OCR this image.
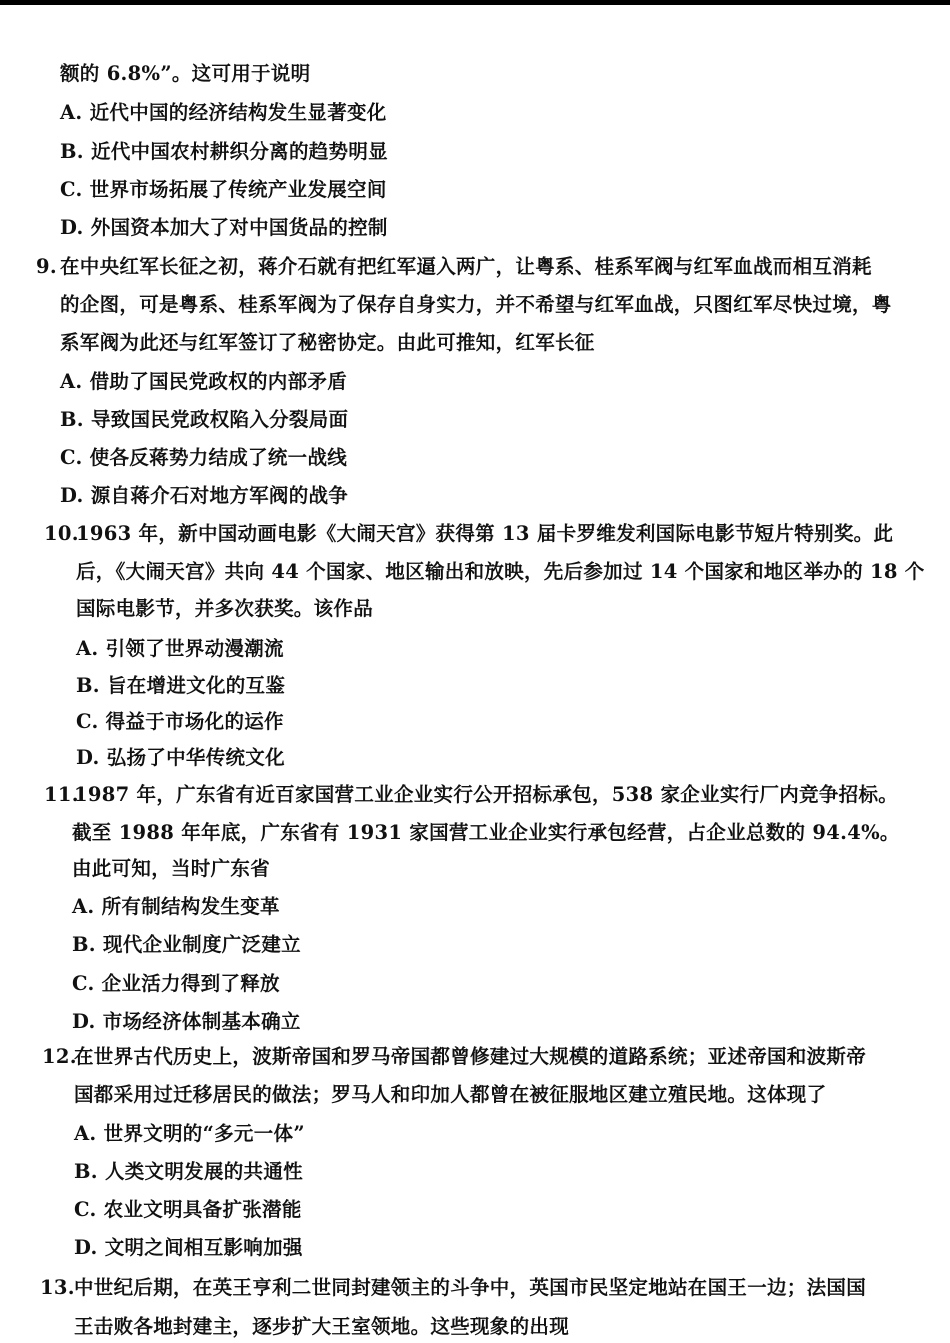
额的 6.8%”。这可用于说明
A. 近代中国的经济结构发生显著变化
B. 近代中国农村耕织分离的趋势明显
C. 世界市场拓展了传统产业发展空间
D. 外国资本加大了对中国货品的控制
9. 在中央红军长征之初，蒋介石就有把红军逼入两广，让粤系、桂系军阀与红军血战而相互消耗
的企图，可是粤系、桂系军阀为了保存自身实力，并不希望与红军血战，只图红军尽快过境，粤
系军阀为此还与红军签订了秘密协定。由此可推知，红军长征
A. 借助了国民党政权的内部矛盾
B. 导致国民党政权陷入分裂局面
C. 使各反蒋势力结成了统一战线
D. 源自蒋介石对地方军阀的战争
10.
1963 年，新中国动画电影《大闹天宫》获得第 13 届卡罗维发利国际电影节短片特别奖。此
后，《大闹天宫》共向 44 个国家、地区输出和放映，先后参加过 14 个国家和地区举办的 18 个
国际电影节，并多次获奖。该作品
A. 引领了世界动漫潮流
B. 旨在增进文化的互鉴
C. 得益于市场化的运作
D. 弘扬了中华传统文化
11.
1987 年，广东省有近百家国营工业企业实行公开招标承包，538 家企业实行厂内竞争招标。
截至 1988 年年底，广东省有 1931 家国营工业企业实行承包经营，占企业总数的 94.4%。
由此可知，当时广东省
A. 所有制结构发生变革
B. 现代企业制度广泛建立
C. 企业活力得到了释放
D. 市场经济体制基本确立
12.
在世界古代历史上，波斯帝国和罗马帝国都曾修建过大规模的道路系统；亚述帝国和波斯帝
国都采用过迁移居民的做法；罗马人和印加人都曾在被征服地区建立殖民地。这体现了
A. 世界文明的“多元一体”
B. 人类文明发展的共通性
C. 农业文明具备扩张潜能
D. 文明之间相互影响加强
13. 中世纪后期，在英王亨利二世同封建领主的斗争中，英国市民坚定地站在国王一边；法国国
王击败各地封建主，逐步扩大王室领地。这些现象的出现
